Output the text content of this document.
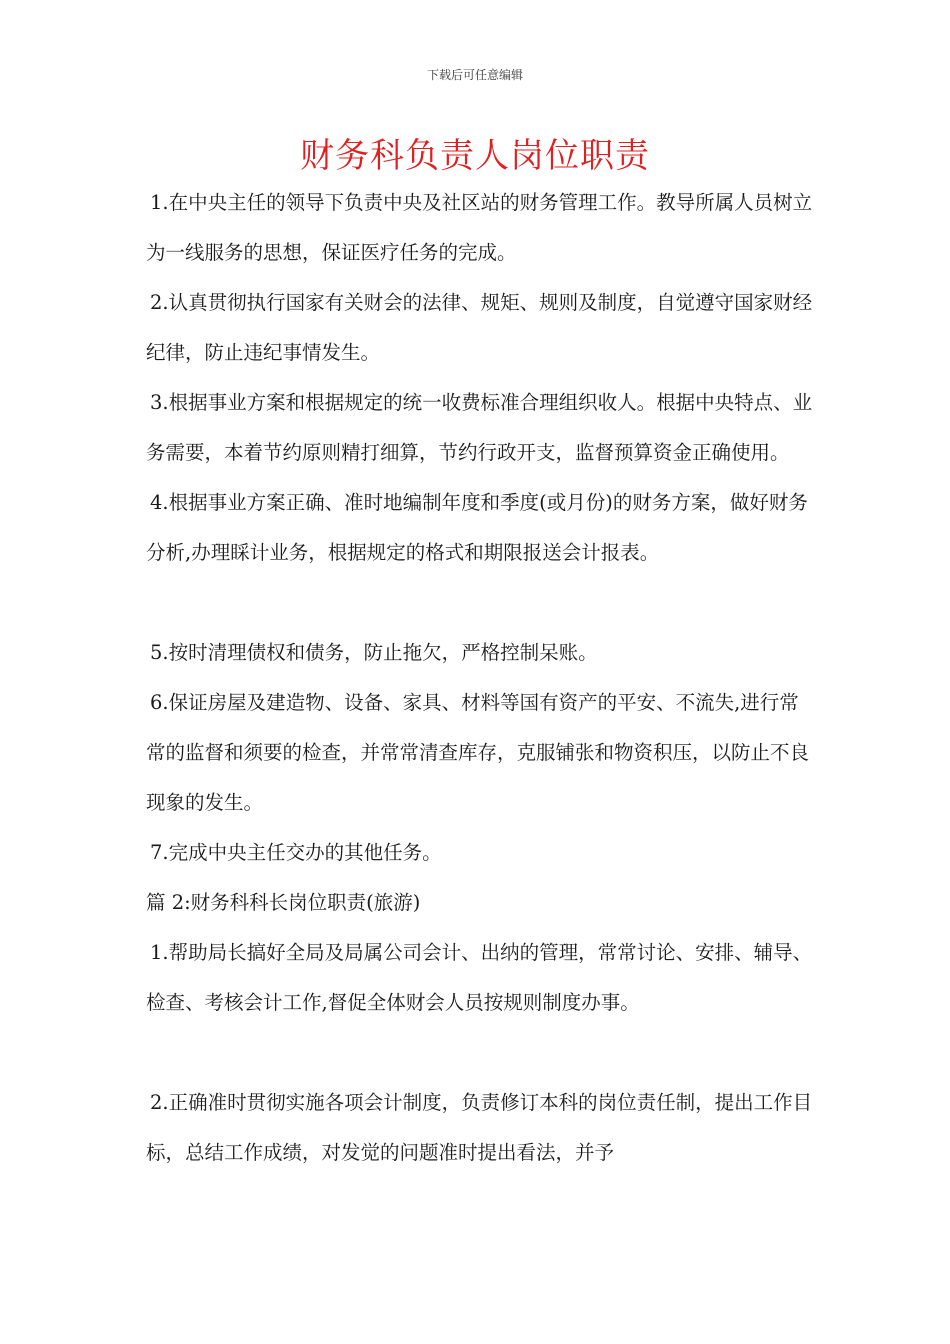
下载后可任意编辑
财务科负责人岗位职责

1.在中央主任的领导下负责中央及社区站的财务管理工作。教导所属人员树立为一线服务的思想，保证医疗任务的完成。

2.认真贯彻执行国家有关财会的法律、规矩、规则及制度，自觉遵守国家财经纪律，防止违纪事情发生。

3.根据事业方案和根据规定的统一收费标准合理组织收人。根据中央特点、业务需要，本着节约原则精打细算，节约行政开支，监督预算资金正确使用。

4.根据事业方案正确、准时地编制年度和季度(或月份)的财务方案，做好财务分析,办理睬计业务，根据规定的格式和期限报送会计报表。

5.按时清理债权和债务，防止拖欠，严格控制呆账。

6.保证房屋及建造物、设备、家具、材料等国有资产的平安、不流失,进行常常的监督和须要的检查，并常常清查库存，克服铺张和物资积压，以防止不良现象的发生。

7.完成中央主任交办的其他任务。

篇 2:财务科科长岗位职责(旅游)

1.帮助局长搞好全局及局属公司会计、出纳的管理，常常讨论、安排、辅导、检查、考核会计工作,督促全体财会人员按规则制度办事。

2.正确准时贯彻实施各项会计制度，负责修订本科的岗位责任制，提出工作目标，总结工作成绩，对发觉的问题准时提出看法，并予
